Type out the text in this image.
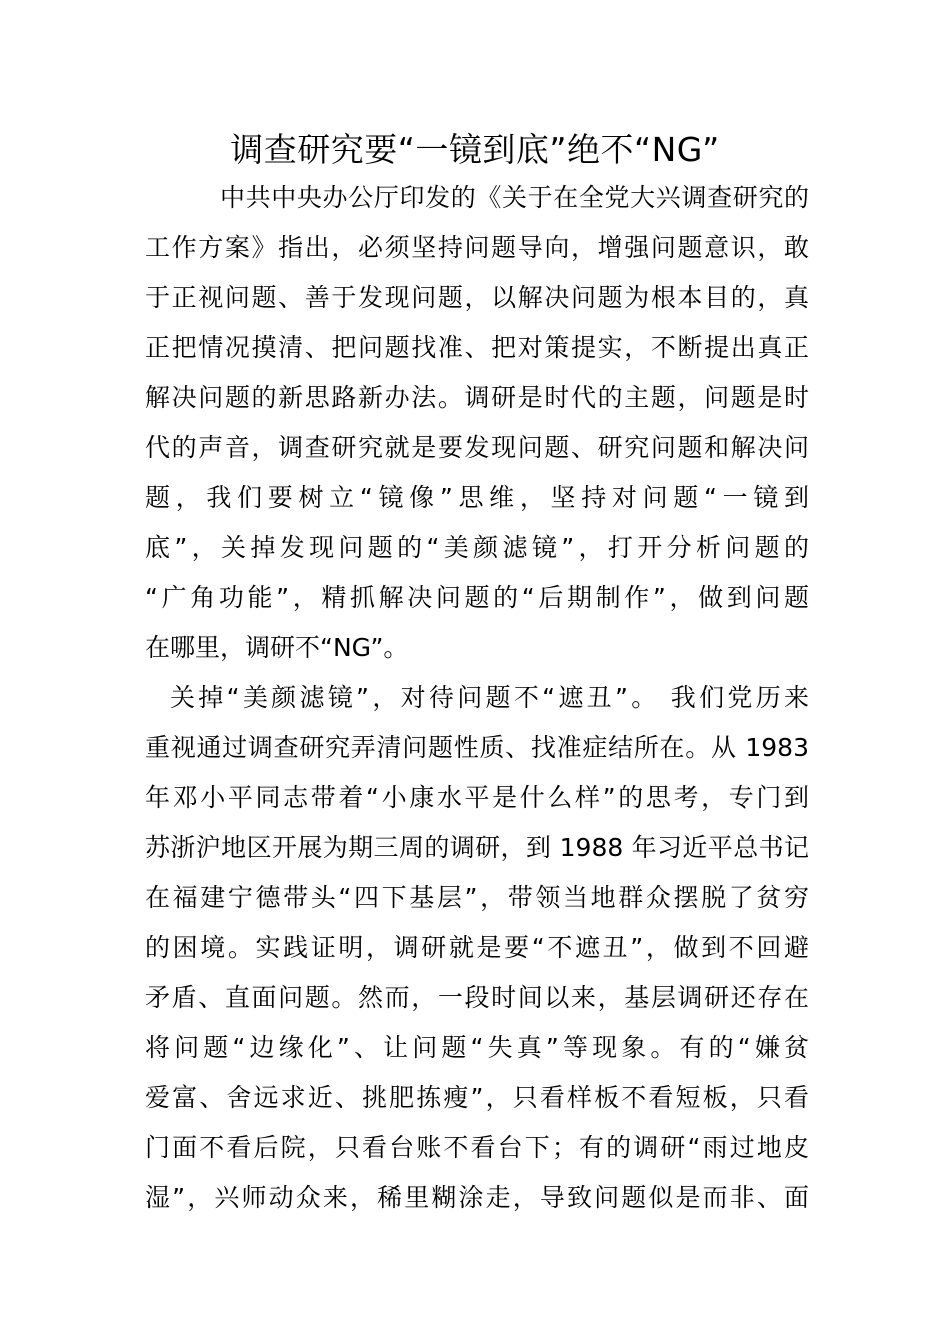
调查研究要“一镜到底”绝不“NG”
中共中央办公厅印发的《关于在全党大兴调查研究的
工作方案》指出，必须坚持问题导向，增强问题意识，敢
于正视问题、善于发现问题，以解决问题为根本目的，真
正把情况摸清、把问题找准、把对策提实，不断提出真正
解决问题的新思路新办法。调研是时代的主题，问题是时
代的声音，调查研究就是要发现问题、研究问题和解决问
题，我们要树立“镜像”思维，坚持对问题“一镜到
底”，关掉发现问题的“美颜滤镜”，打开分析问题的
“广角功能”，精抓解决问题的“后期制作”，做到问题
在哪里，调研不“NG”。
关掉“美颜滤镜”，对待问题不“遮丑”。 我们党历来
重视通过调查研究弄清问题性质、找准症结所在。从 1983
年邓小平同志带着“小康水平是什么样”的思考，专门到
苏浙沪地区开展为期三周的调研，到 1988 年习近平总书记
在福建宁德带头“四下基层”，带领当地群众摆脱了贫穷
的困境。实践证明，调研就是要“不遮丑”，做到不回避
矛盾、直面问题。然而，一段时间以来，基层调研还存在
将问题“边缘化”、让问题“失真”等现象。有的“嫌贫
爱富、舍远求近、挑肥拣瘦”，只看样板不看短板，只看
门面不看后院，只看台账不看台下；有的调研“雨过地皮
湿”，兴师动众来，稀里糊涂走，导致问题似是而非、面
